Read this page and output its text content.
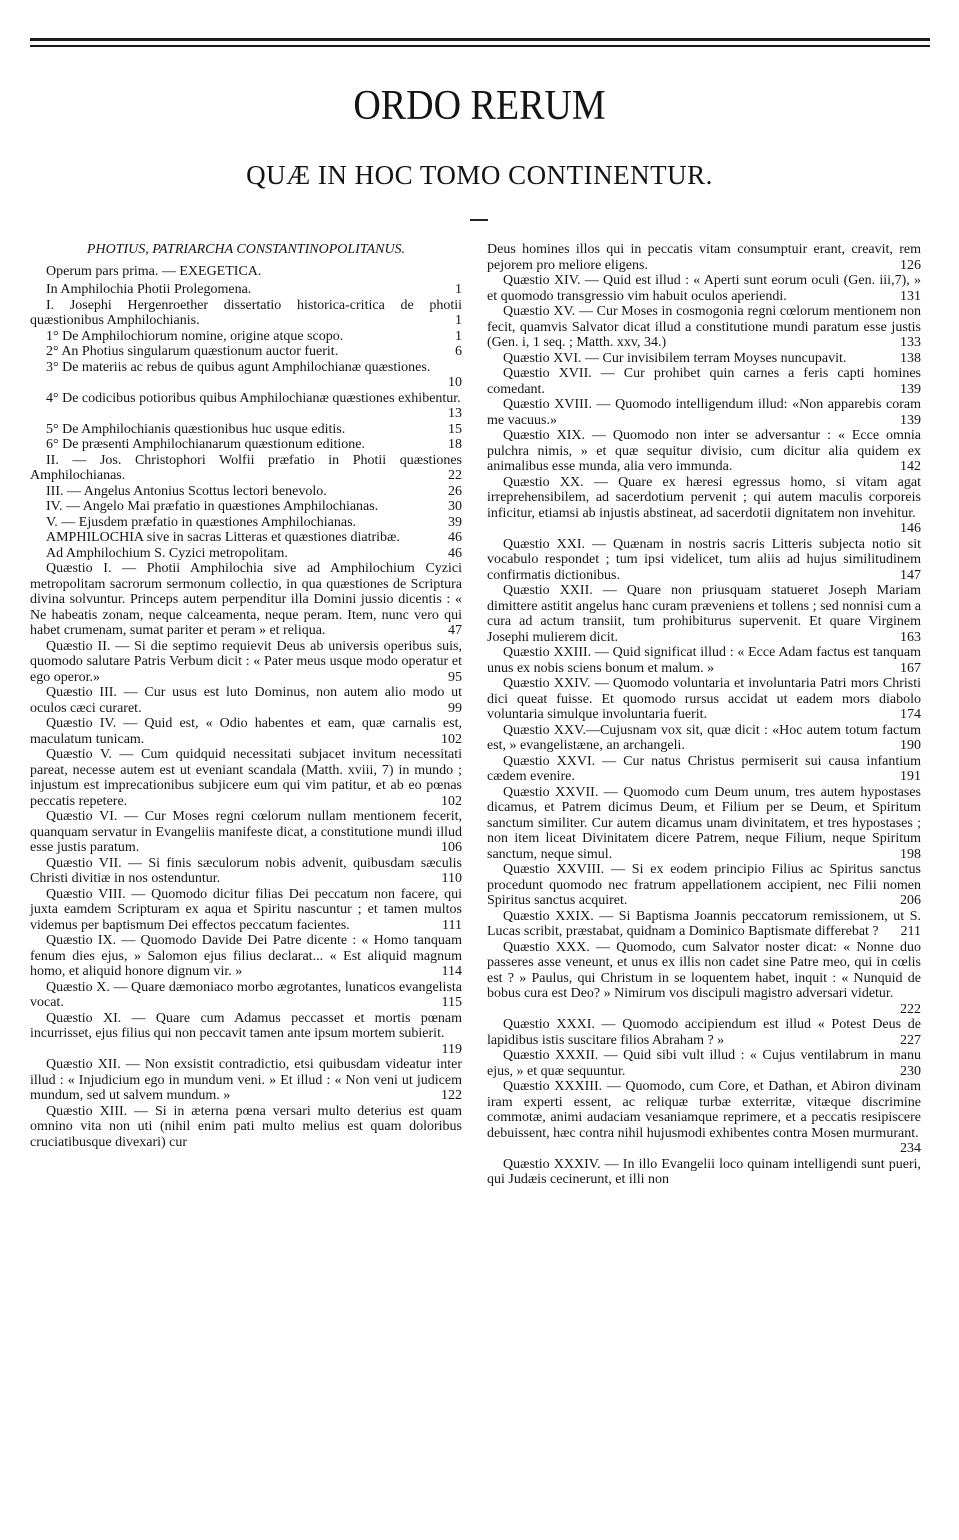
ORDO RERUM
QUÆ IN HOC TOMO CONTINENTUR.
PHOTIUS, PATRIARCHA CONSTANTINOPOLITANUS.
Operum pars prima. — EXEGETICA.
In Amphilochia Photii Prolegomena.	1
I. Josephi Hergenroether dissertatio historica-critica de photii quæstionibus Amphilochianis.	1
1° De Amphilochiorum nomine, origine atque scopo.	1
2° An Photius singularum quæstionum auctor fuerit.	6
3° De materiis ac rebus de quibus agunt Amphilochianæ quæstiones.
10
4° De codicibus potioribus quibus Amphilochianæ quæstiones exhibentur.
13
5° De Amphilochianis quæstionibus huc usque editis.	15
6° De præsenti Amphilochianarum quæstionum editione.	18
II. — Jos. Christophori Wolfii præfatio in Photii quæstiones Amphilochianas.	22
III. — Angelus Antonius Scottus lectori benevolo.	26
IV. — Angelo Mai præfatio in quæstiones Amphilochianas.	30
V. — Ejusdem præfatio in quæstiones Amphilochianas.	39
AMPHILOCHIA sive in sacras Litteras et quæstiones diatribæ.	46
Ad Amphilochium S. Cyzici metropolitam.	46
Quæstio I. — Photii Amphilochia sive ad Amphilochium Cyzici metropolitam sacrorum sermonum collectio, in qua quæstiones de Scriptura divina solvuntur. Princeps autem perpenditur illa Domini jussio dicentis : « Ne habeatis zonam, neque calceamenta, neque peram. Item, nunc vero qui habet crumenam, sumat pariter et peram » et reliqua.	47
Quæstio II. — Si die septimo requievit Deus ab universis operibus suis, quomodo salutare Patris Verbum dicit : « Pater meus usque modo operatur et ego operor.»	95
Quæstio III. — Cur usus est luto Dominus, non autem alio modo ut oculos cæci curaret.	99
Quæstio IV. — Quid est, « Odio habentes et eam, quæ carnalis est, maculatum tunicam.	102
Quæstio V. — Cum quidquid necessitati subjacet invitum necessitati pareat, necesse autem est ut eveniant scandala (Matth. xviii, 7) in mundo ; injustum est imprecationibus subjicere eum qui vim patitur, et ab eo pœnas peccatis repetere.	102
Quæstio VI. — Cur Moses regni cœlorum nullam mentionem fecerit, quanquam servatur in Evangeliis manifeste dicat, a constitutione mundi illud esse justis paratum.	106
Quæstio VII. — Si finis sæculorum nobis advenit, quibusdam sæculis Christi divitiæ in nos ostenduntur.	110
Quæstio VIII. — Quomodo dicitur filias Dei peccatum non facere, qui juxta eamdem Scripturam ex aqua et Spiritu nascuntur ; et tamen multos videmus per baptismum Dei effectos peccatum facientes.	111
Quæstio IX. — Quomodo Davide Dei Patre dicente : « Homo tanquam fenum dies ejus, » Salomon ejus filius declarat... « Est aliquid magnum homo, et aliquid honore dignum vir. »	114
Quæstio X. — Quare dæmoniaco morbo ægrotantes, lunaticos evangelista vocat.	115
Quæstio XI. — Quare cum Adamus peccasset et mortis pœnam incurrisset, ejus filius qui non peccavit tamen ante ipsum mortem subierit.
119
Quæstio XII. — Non exsistit contradictio, etsi quibusdam videatur inter illud : « Injudicium ego in mundum veni. » Et illud : « Non veni ut judicem mundum, sed ut salvem mundum. »	122
Quæstio XIII. — Si in æterna pœna versari multo deterius est quam omnino vita non uti (nihil enim pati multo melius est quam doloribus cruciatibusque divexari) cur
Deus homines illos qui in peccatis vitam consumptuir erant, creavit, rem pejorem pro meliore eligens.	126
Quæstio XIV. — Quid est illud : « Aperti sunt eorum oculi (Gen. iii,7), » et quomodo transgressio vim habuit oculos aperiendi.	131
Quæstio XV. — Cur Moses in cosmogonia regni cœlorum mentionem non fecit, quamvis Salvator dicat illud a constitutione mundi paratum esse justis (Gen. i, 1 seq. ; Matth. xxv, 34.)	133
Quæstio XVI. — Cur invisibilem terram Moyses nuncupavit.	138
Quæstio XVII. — Cur prohibet quin carnes a feris capti homines comedant.	139
Quæstio XVIII. — Quomodo intelligendum illud: «Non apparebis coram me vacuus.»	139
Quæstio XIX. — Quomodo non inter se adversantur : « Ecce omnia pulchra nimis, » et quæ sequitur divisio, cum dicitur alia quidem ex animalibus esse munda, alia vero immunda.	142
Quæstio XX. — Quare ex hæresi egressus homo, si vitam agat irreprehensibilem, ad sacerdotium pervenit ; qui autem maculis corporeis inficitur, etiamsi ab injustis abstineat, ad sacerdotii dignitatem non invehitur.
146
Quæstio XXI. — Quænam in nostris sacris Litteris subjecta notio sit vocabulo respondet ; tum ipsi videlicet, tum aliis ad hujus similitudinem confirmatis dictionibus.	147
Quæstio XXII. — Quare non priusquam statueret Joseph Mariam dimittere astitit angelus hanc curam præveniens et tollens ; sed nonnisi cum a cura ad actum transiit, tum prohibiturus supervenit. Et quare Virginem Josephi mulierem dicit.	163
Quæstio XXIII. — Quid significat illud : « Ecce Adam factus est tanquam unus ex nobis sciens bonum et malum. »	167
Quæstio XXIV. — Quomodo voluntaria et involuntaria Patri mors Christi dici queat fuisse. Et quomodo rursus accidat ut eadem mors diabolo voluntaria simulque involuntaria fuerit.	174
Quæstio XXV.—Cujusnam vox sit, quæ dicit : «Hoc autem totum factum est, » evangelistæne, an archangeli.	190
Quæstio XXVI. — Cur natus Christus permiserit sui causa infantium cædem evenire.	191
Quæstio XXVII. — Quomodo cum Deum unum, tres autem hypostases dicamus, et Patrem dicimus Deum, et Filium per se Deum, et Spiritum sanctum similiter. Cur autem dicamus unam divinitatem, et tres hypostases ; non item liceat Divinitatem dicere Patrem, neque Filium, neque Spiritum sanctum, neque simul.	198
Quæstio XXVIII. — Si ex eodem principio Filius ac Spiritus sanctus procedunt quomodo nec fratrum appellationem accipient, nec Filii nomen Spiritus sanctus acquiret.	206
Quæstio XXIX. — Si Baptisma Joannis peccatorum remissionem, ut S. Lucas scribit, præstabat, quidnam a Dominico Baptismate differebat ?	211
Quæstio XXX. — Quomodo, cum Salvator noster dicat: « Nonne duo passeres asse veneunt, et unus ex illis non cadet sine Patre meo, qui in cœlis est ? » Paulus, qui Christum in se loquentem habet, inquit : « Nunquid de bobus cura est Deo? » Nimirum vos discipuli magistro adversari videtur.
222
Quæstio XXXI. — Quomodo accipiendum est illud « Potest Deus de lapidibus istis suscitare filios Abraham ? »	227
Quæstio XXXII. — Quid sibi vult illud : « Cujus ventilabrum in manu ejus, » et quæ sequuntur.	230
Quæstio XXXIII. — Quomodo, cum Core, et Dathan, et Abiron divinam iram experti essent, ac reliquæ turbæ exterritæ, vitæque discrimine commotæ, animi audaciam vesaniamque reprimere, et a peccatis resipiscere debuissent, hæc contra nihil hujusmodi exhibentes contra Mosen murmurant.
234
Quæstio XXXIV. — In illo Evangelii loco quinam intelligendi sunt pueri, qui Judæis cecinerunt, et illi non
